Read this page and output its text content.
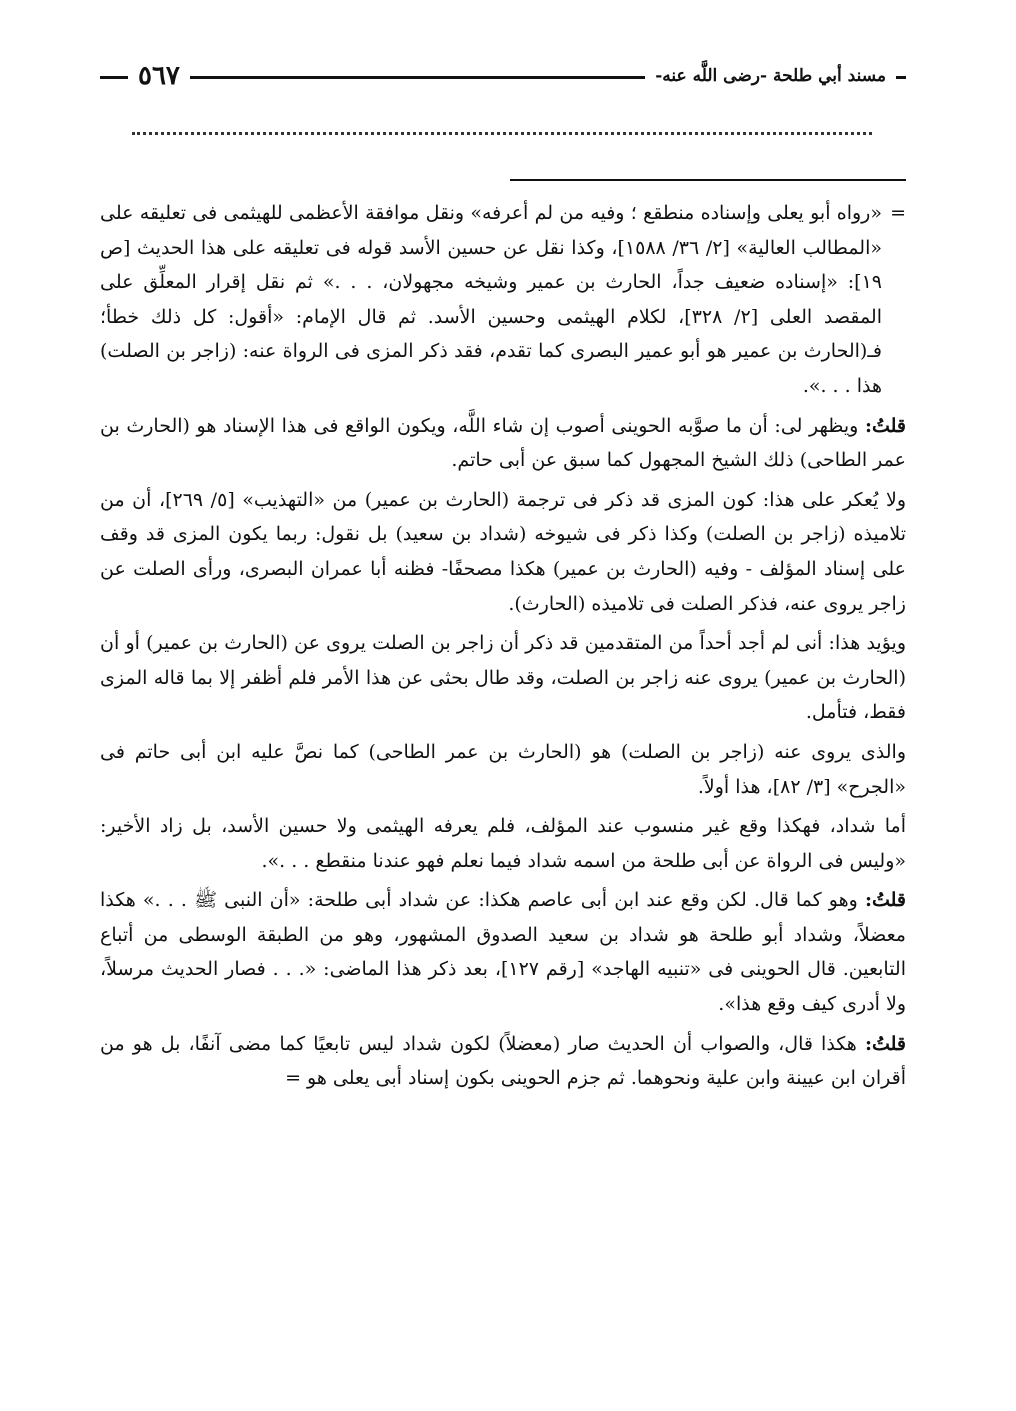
٥٦٧	مسند أبي طلحة -رضى اللَّه عنه-

=
«رواه أبو يعلى وإسناده منطقع ؛ وفيه من لم أعرفه» ونقل موافقة الأعظمى للهيثمى فى تعليقه على «المطالب العالية» [٢/ ٣٦/ ١٥٨٨]، وكذا نقل عن حسين الأسد قوله فى تعليقه على هذا الحديث [ص ١٩]: «إسناده ضعيف جداً، الحارث بن عمير وشيخه مجهولان، . . .» ثم نقل إقرار المعلِّق على المقصد العلى [٢/ ٣٢٨]، لكلام الهيثمى وحسين الأسد. ثم قال الإمام: «أقول: كل ذلك خطأ؛ فـ(الحارث بن عمير هو أبو عمير البصرى كما تقدم، فقد ذكر المزى فى الرواة عنه: (زاجر بن الصلت) هذا . . .».

قلتُ: ويظهر لى: أن ما صوَّبه الحوينى أصوب إن شاء اللَّه، ويكون الواقع فى هذا الإسناد هو (الحارث بن عمر الطاحى) ذلك الشيخ المجهول كما سبق عن أبى حاتم.

ولا يُعكر على هذا: كون المزى قد ذكر فى ترجمة (الحارث بن عمير) من «التهذيب» [٥/ ٢٦٩]، أن من تلاميذه (زاجر بن الصلت) وكذا ذكر فى شيوخه (شداد بن سعيد) بل نقول: ربما يكون المزى قد وقف على إسناد المؤلف - وفيه (الحارث بن عمير) هكذا مصحفًا- فظنه أبا عمران البصرى، ورأى الصلت عن زاجر يروى عنه، فذكر الصلت فى تلاميذه (الحارث).

ويؤيد هذا: أنى لم أجد أحداً من المتقدمين قد ذكر أن زاجر بن الصلت يروى عن (الحارث بن عمير) أو أن (الحارث بن عمير) يروى عنه زاجر بن الصلت، وقد طال بحثى عن هذا الأمر فلم أظفر إلا بما قاله المزى فقط، فتأمل.

والذى يروى عنه (زاجر بن الصلت) هو (الحارث بن عمر الطاحى) كما نصَّ عليه ابن أبى حاتم فى «الجرح» [٣/ ٨٢]، هذا أولاً.

أما شداد، فهكذا وقع غير منسوب عند المؤلف، فلم يعرفه الهيثمى ولا حسين الأسد، بل زاد الأخير: «وليس فى الرواة عن أبى طلحة من اسمه شداد فيما نعلم فهو عندنا منقطع . . .».

قلتُ: وهو كما قال. لكن وقع عند ابن أبى عاصم هكذا: عن شداد أبى طلحة: «أن النبى ﷺ . . .» هكذا معضلاً، وشداد أبو طلحة هو شداد بن سعيد الصدوق المشهور، وهو من الطبقة الوسطى من أتباع التابعين. قال الحوينى فى «تنبيه الهاجد» [رقم ١٢٧]، بعد ذكر هذا الماضى: «. . . فصار الحديث مرسلاً، ولا أدرى كيف وقع هذا».

قلتُ: هكذا قال، والصواب أن الحديث صار (معضلاً) لكون شداد ليس تابعيًا كما مضى آنفًا، بل هو من أقران ابن عيينة وابن علية ونحوهما. ثم جزم الحوينى بكون إسناد أبى يعلى هو =
